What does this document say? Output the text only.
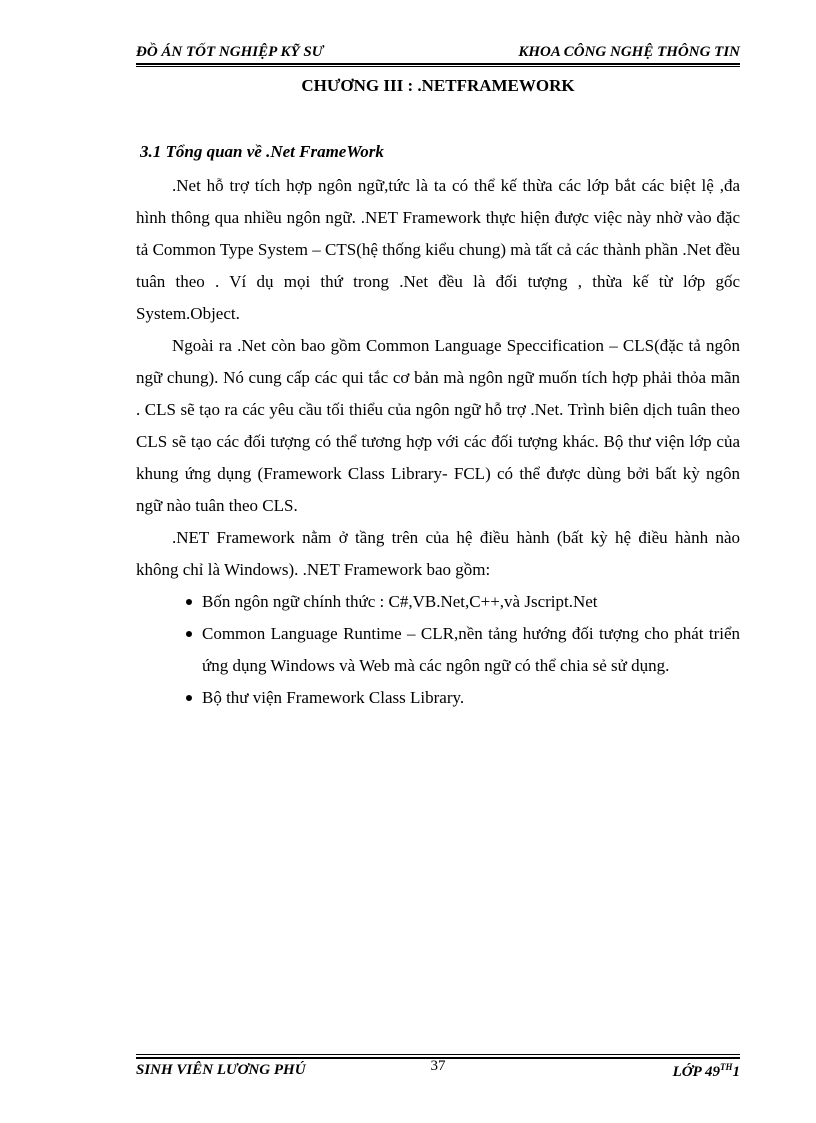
ĐỒ ÁN TỐT NGHIỆP KỸ SƯ	KHOA CÔNG NGHỆ THÔNG TIN
CHƯƠNG III : .NETFRAMEWORK
3.1 Tổng quan về .Net FrameWork

.Net hỗ trợ tích hợp ngôn ngữ,tức là ta có thể kế thừa các lớp bắt các biệt lệ ,đa hình thông qua nhiều ngôn ngữ. .NET Framework thực hiện được việc này nhờ vào đặc tả Common Type System – CTS(hệ thống kiểu chung) mà tất cả các thành phần .Net đều tuân theo . Ví dụ mọi thứ trong .Net đều là đối tượng , thừa kế từ lớp gốc System.Object.

Ngoài ra .Net còn bao gồm Common Language Speccification – CLS(đặc tả ngôn ngữ chung). Nó cung cấp các qui tắc cơ bản mà ngôn ngữ muốn tích hợp phải thỏa mãn . CLS sẽ tạo ra các yêu cầu tối thiểu của ngôn ngữ hỗ trợ .Net. Trình biên dịch tuân theo CLS sẽ tạo các đối tượng có thể tương hợp với các đối tượng khác. Bộ thư viện lớp của khung ứng dụng (Framework Class Library- FCL) có thể được dùng bởi bất kỳ ngôn ngữ nào tuân theo CLS.

.NET Framework nằm ở tầng trên của hệ điều hành (bất kỳ hệ điều hành nào không chỉ là Windows). .NET Framework bao gồm:

Bốn ngôn ngữ chính thức : C#,VB.Net,C++,và Jscript.Net
Common Language Runtime – CLR,nền tảng hướng đối tượng cho phát triển ứng dụng Windows và Web mà các ngôn ngữ có thể chia sẻ sử dụng.
Bộ thư viện Framework Class Library.
SINH VIÊN LƯƠNG PHÚ	37	LỚP 49TH1
